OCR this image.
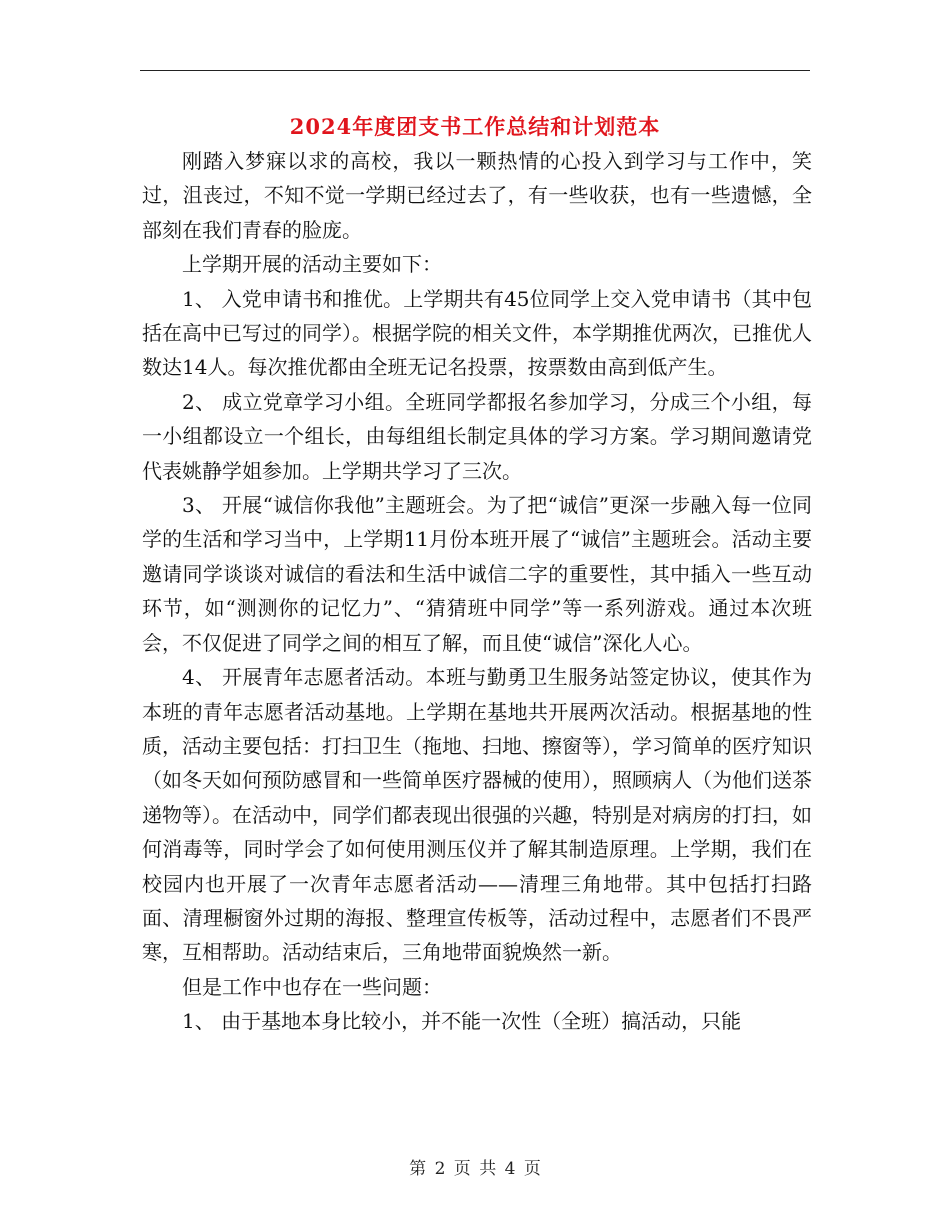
2024年度团支书工作总结和计划范本

刚踏入梦寐以求的高校，我以一颗热情的心投入到学习与工作中，笑过，沮丧过，不知不觉一学期已经过去了，有一些收获，也有一些遗憾，全部刻在我们青春的脸庞。

上学期开展的活动主要如下：

1、 入党申请书和推优。上学期共有45位同学上交入党申请书（其中包括在高中已写过的同学）。根据学院的相关文件，本学期推优两次，已推优人数达14人。每次推优都由全班无记名投票，按票数由高到低产生。

2、 成立党章学习小组。全班同学都报名参加学习，分成三个小组，每一小组都设立一个组长，由每组组长制定具体的学习方案。学习期间邀请党代表姚静学姐参加。上学期共学习了三次。

3、 开展“诚信你我他”主题班会。为了把“诚信”更深一步融入每一位同学的生活和学习当中，上学期11月份本班开展了“诚信”主题班会。活动主要邀请同学谈谈对诚信的看法和生活中诚信二字的重要性，其中插入一些互动环节，如“测测你的记忆力”、“猜猜班中同学”等一系列游戏。通过本次班会，不仅促进了同学之间的相互了解，而且使“诚信”深化人心。

4、 开展青年志愿者活动。本班与勤勇卫生服务站签定协议，使其作为本班的青年志愿者活动基地。上学期在基地共开展两次活动。根据基地的性质，活动主要包括：打扫卫生（拖地、扫地、擦窗等），学习简单的医疗知识（如冬天如何预防感冒和一些简单医疗器械的使用），照顾病人（为他们送茶递物等）。在活动中，同学们都表现出很强的兴趣，特别是对病房的打扫，如何消毒等，同时学会了如何使用测压仪并了解其制造原理。上学期，我们在校园内也开展了一次青年志愿者活动——清理三角地带。其中包括打扫路面、清理橱窗外过期的海报、整理宣传板等，活动过程中，志愿者们不畏严寒，互相帮助。活动结束后，三角地带面貌焕然一新。

但是工作中也存在一些问题：

1、 由于基地本身比较小，并不能一次性（全班）搞活动，只能

第 2 页 共 4 页
